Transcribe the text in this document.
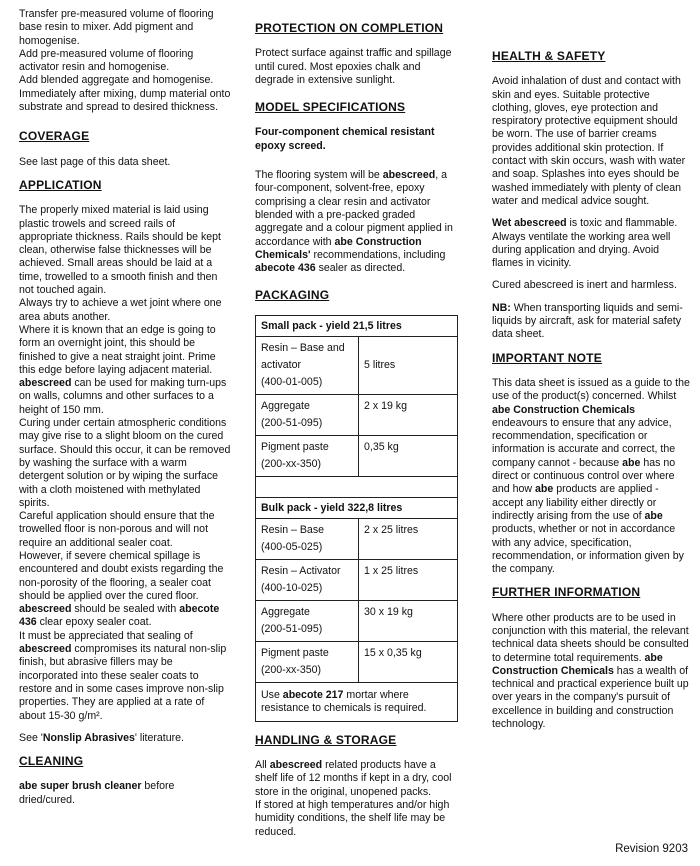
Transfer pre-measured volume of flooring base resin to mixer. Add pigment and homogenise.

Add pre-measured volume of flooring activator resin and homogenise.

Add blended aggregate and homogenise.

Immediately after mixing, dump material onto substrate and spread to desired thickness.

COVERAGE

See last page of this data sheet.

APPLICATION

The properly mixed material is laid using plastic trowels and screed rails of appropriate thickness. Rails should be kept clean, otherwise false thicknesses will be achieved. Small areas should be laid at a time, trowelled to a smooth finish and then not touched again.

Always try to achieve a wet joint where one area abuts another.

Where it is known that an edge is going to form an overnight joint, this should be finished to give a neat straight joint. Prime this edge before laying adjacent material.

abescreed can be used for making turn-ups on walls, columns and other surfaces to a height of 150 mm.

Curing under certain atmospheric conditions may give rise to a slight bloom on the cured surface. Should this occur, it can be removed by washing the surface with a warm detergent solution or by wiping the surface with a cloth moistened with methylated spirits.

Careful application should ensure that the trowelled floor is non-porous and will not require an additional sealer coat.

However, if severe chemical spillage is encountered and doubt exists regarding the non-porosity of the flooring, a sealer coat should be applied over the cured floor.

abescreed should be sealed with abecote 436 clear epoxy sealer coat.

It must be appreciated that sealing of abescreed compromises its natural non-slip finish, but abrasive fillers may be incorporated into these sealer coats to restore and in some cases improve non-slip properties. They are applied at a rate of about 15-30 g/m².

See 'Nonslip Abrasives' literature.

CLEANING

abe super brush cleaner before dried/cured.

PROTECTION ON COMPLETION

Protect surface against traffic and spillage until cured. Most epoxies chalk and degrade in extensive sunlight.

MODEL SPECIFICATIONS

Four-component chemical resistant epoxy screed.

The flooring system will be abescreed, a four-component, solvent-free, epoxy comprising a clear resin and activator blended with a pre-packed graded aggregate and a colour pigment applied in accordance with abe Construction Chemicals' recommendations, including abecote 436 sealer as directed.

PACKAGING
Small pack - yield 21,5 litres	

Resin – Base and activator
(400-01-005)	5 litres

Aggregate
(200-51-095)	2 x 19 kg

Pigment paste
(200-xx-350)	0,35 kg

Bulk pack - yield 322,8 litres	

Resin – Base
(400-05-025)	2 x 25 litres

Resin – Activator
(400-10-025)	1 x 25 litres

Aggregate
(200-51-095)	30 x 19 kg

Pigment paste
(200-xx-350)	15 x 0,35 kg
Use abecote 217 mortar where resistance to chemicals is required.	
HANDLING & STORAGE

All abescreed related products have a shelf life of 12 months if kept in a dry, cool store in the original, unopened packs.

If stored at high temperatures and/or high humidity conditions, the shelf life may be reduced.

HEALTH & SAFETY

Avoid inhalation of dust and contact with skin and eyes. Suitable protective clothing, gloves, eye protection and respiratory protective equipment should be worn. The use of barrier creams provides additional skin protection. If contact with skin occurs, wash with water and soap. Splashes into eyes should be washed immediately with plenty of clean water and medical advice sought.

Wet abescreed is toxic and flammable. Always ventilate the working area well during application and drying. Avoid flames in vicinity.

Cured abescreed is inert and harmless.

NB: When transporting liquids and semi-liquids by aircraft, ask for material safety data sheet.

IMPORTANT NOTE

This data sheet is issued as a guide to the use of the product(s) concerned. Whilst abe Construction Chemicals endeavours to ensure that any advice, recommendation, specification or information is accurate and correct, the company cannot - because abe has no direct or continuous control over where and how abe products are applied - accept any liability either directly or indirectly arising from the use of abe products, whether or not in accordance with any advice, specification, recommendation, or information given by the company.

FURTHER INFORMATION

Where other products are to be used in conjunction with this material, the relevant technical data sheets should be consulted to determine total requirements. abe Construction Chemicals has a wealth of technical and practical experience built up over years in the company's pursuit of excellence in building and construction technology.

Revision 9203
